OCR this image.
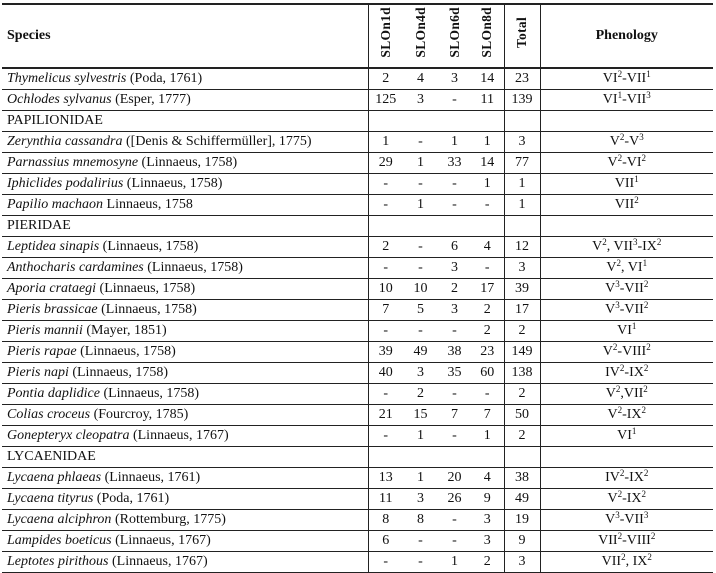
Species	SLOn1d	SLOn4d	SLOn6d	SLOn8d	Total	Phenology
Thymelicus sylvestris (Poda, 1761)	2	4	3	14	23	$VI^2-VII^1$
Ochlodes sylvanus (Esper, 1777)	125	3	-	11	139	$VI^1-VII^3$
PAPILIONIDAE						
Zerynthia cassandra ([Denis & Schiffermüller], 1775)	1	-	1	1	3	$V^2-V^3$
Parnassius mnemosyne (Linnaeus, 1758)	29	1	33	14	77	$V^2-VI^2$
Iphiclides podalirius (Linnaeus, 1758)	-	-	-	1	1	VII$^1$
Papilio machaon Linnaeus, 1758	-	1	-	-	1	VII$^2$
PIERIDAE						
Leptidea sinapis (Linnaeus, 1758)	2	-	6	4	12	$V^2$, $VII^3-IX^2$
Anthocharis cardamines (Linnaeus, 1758)	-	-	3	-	3	$V^2$, $VI^1$
Aporia crataegi (Linnaeus, 1758)	10	10	2	17	39	$V^3-VII^2$
Pieris brassicae (Linnaeus, 1758)	7	5	3	2	17	$V^3-VII^2$
Pieris mannii (Mayer, 1851)	-	-	-	2	2	$VI^1$
Pieris rapae (Linnaeus, 1758)	39	49	38	23	149	$V^2-VIII^2$
Pieris napi (Linnaeus, 1758)	40	3	35	60	138	$IV^2-IX^2$
Pontia daplidice (Linnaeus, 1758)	-	2	-	-	2	$V^2,VII^2$
Colias croceus (Fourcroy, 1785)	21	15	7	7	50	$V^2-IX^2$
Gonepteryx cleopatra (Linnaeus, 1767)	-	1	-	1	2	$VI^1$
LYCAENIDAE						
Lycaena phlaeas (Linnaeus, 1761)	13	1	20	4	38	$IV^2-IX^2$
Lycaena tityrus (Poda, 1761)	11	3	26	9	49	$V^2-IX^2$
Lycaena alciphron (Rottemburg, 1775)	8	8	-	3	19	$V^3-VII^3$
Lampides boeticus (Linnaeus, 1767)	6	-	-	3	9	VII$^2$-VIII$^2$
Leptotes pirithous (Linnaeus, 1767)	-	-	1	2	3	VII$^2$, $IX^2$
